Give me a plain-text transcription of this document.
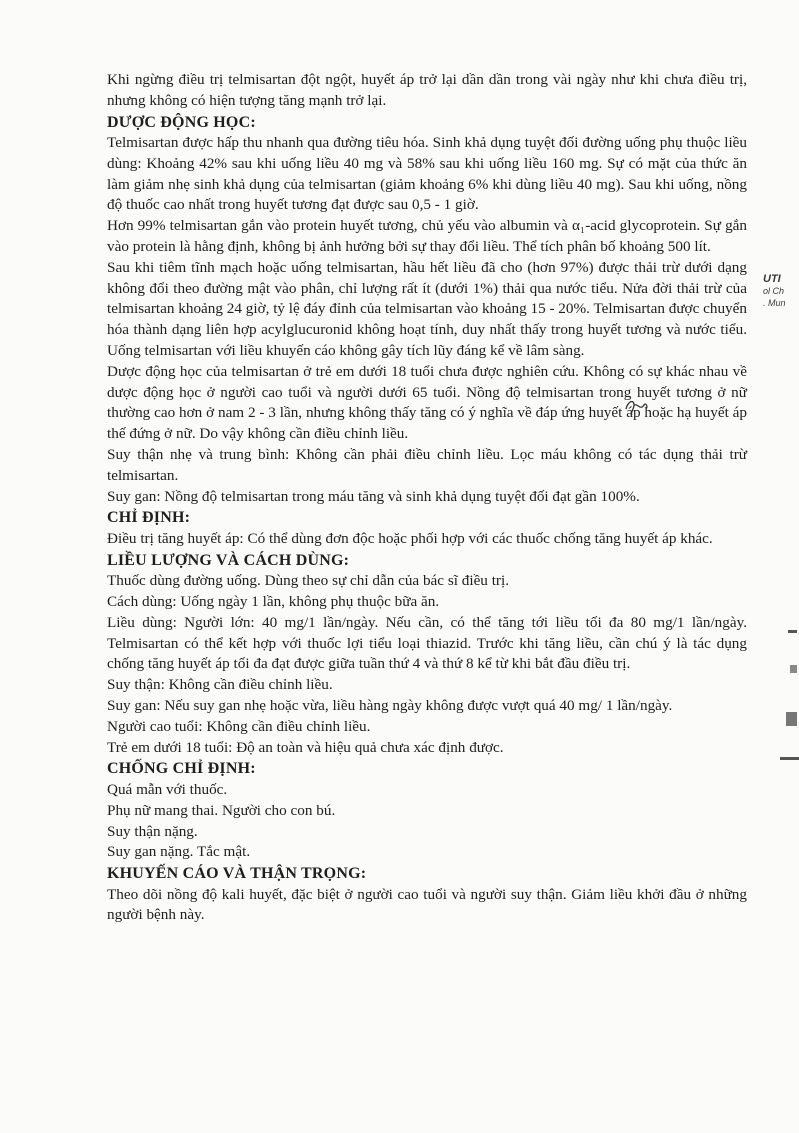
Khi ngừng điều trị telmisartan đột ngột, huyết áp trở lại dần dần trong vài ngày như khi chưa điều trị, nhưng không có hiện tượng tăng mạnh trở lại.

DƯỢC ĐỘNG HỌC:

Telmisartan được hấp thu nhanh qua đường tiêu hóa. Sinh khả dụng tuyệt đối đường uống phụ thuộc liều dùng: Khoảng 42% sau khi uống liều 40 mg và 58% sau khi uống liều 160 mg. Sự có mặt của thức ăn làm giảm nhẹ sinh khả dụng của telmisartan (giảm khoảng 6% khi dùng liều 40 mg). Sau khi uống, nồng độ thuốc cao nhất trong huyết tương đạt được sau 0,5 - 1 giờ.

Hơn 99% telmisartan gắn vào protein huyết tương, chủ yếu vào albumin và α₁-acid glycoprotein. Sự gắn vào protein là hằng định, không bị ảnh hưởng bởi sự thay đổi liều. Thể tích phân bố khoảng 500 lít.

Sau khi tiêm tĩnh mạch hoặc uống telmisartan, hầu hết liều đã cho (hơn 97%) được thải trừ dưới dạng không đổi theo đường mật vào phân, chỉ lượng rất ít (dưới 1%) thải qua nước tiểu. Nửa đời thải trừ của telmisartan khoảng 24 giờ, tỷ lệ đáy đỉnh của telmisartan vào khoảng 15 - 20%. Telmisartan được chuyển hóa thành dạng liên hợp acylglucuronid không hoạt tính, duy nhất thấy trong huyết tương và nước tiểu. Uống telmisartan với liều khuyến cáo không gây tích lũy đáng kể về lâm sàng.

Dược động học của telmisartan ở trẻ em dưới 18 tuổi chưa được nghiên cứu. Không có sự khác nhau về dược động học ở người cao tuổi và người dưới 65 tuổi. Nồng độ telmisartan trong huyết tương ở nữ thường cao hơn ở nam 2 - 3 lần, nhưng không thấy tăng có ý nghĩa về đáp ứng huyết áp hoặc hạ huyết áp thế đứng ở nữ. Do vậy không cần điều chỉnh liều.

Suy thận nhẹ và trung bình: Không cần phải điều chỉnh liều. Lọc máu không có tác dụng thải trừ telmisartan.

Suy gan: Nồng độ telmisartan trong máu tăng và sinh khả dụng tuyệt đối đạt gần 100%.

CHỈ ĐỊNH:

Điều trị tăng huyết áp: Có thể dùng đơn độc hoặc phối hợp với các thuốc chống tăng huyết áp khác.

LIỀU LƯỢNG VÀ CÁCH DÙNG:

Thuốc dùng đường uống. Dùng theo sự chỉ dẫn của bác sĩ điều trị.

Cách dùng: Uống ngày 1 lần, không phụ thuộc bữa ăn.

Liều dùng: Người lớn: 40 mg/1 lần/ngày. Nếu cần, có thể tăng tới liều tối đa 80 mg/1 lần/ngày. Telmisartan có thể kết hợp với thuốc lợi tiểu loại thiazid. Trước khi tăng liều, cần chú ý là tác dụng chống tăng huyết áp tối đa đạt được giữa tuần thứ 4 và thứ 8 kể từ khi bắt đầu điều trị.

Suy thận: Không cần điều chỉnh liều.

Suy gan: Nếu suy gan nhẹ hoặc vừa, liều hàng ngày không được vượt quá 40 mg/ 1 lần/ngày.

Người cao tuổi: Không cần điều chỉnh liều.

Trẻ em dưới 18 tuổi: Độ an toàn và hiệu quả chưa xác định được.

CHỐNG CHỈ ĐỊNH:

Quá mẫn với thuốc.

Phụ nữ mang thai. Người cho con bú.

Suy thận nặng.

Suy gan nặng. Tắc mật.

KHUYẾN CÁO VÀ THẬN TRỌNG:

Theo dõi nồng độ kali huyết, đặc biệt ở người cao tuổi và người suy thận. Giảm liều khởi đầu ở những người bệnh này.

UTI
ol Ch
. Mun
